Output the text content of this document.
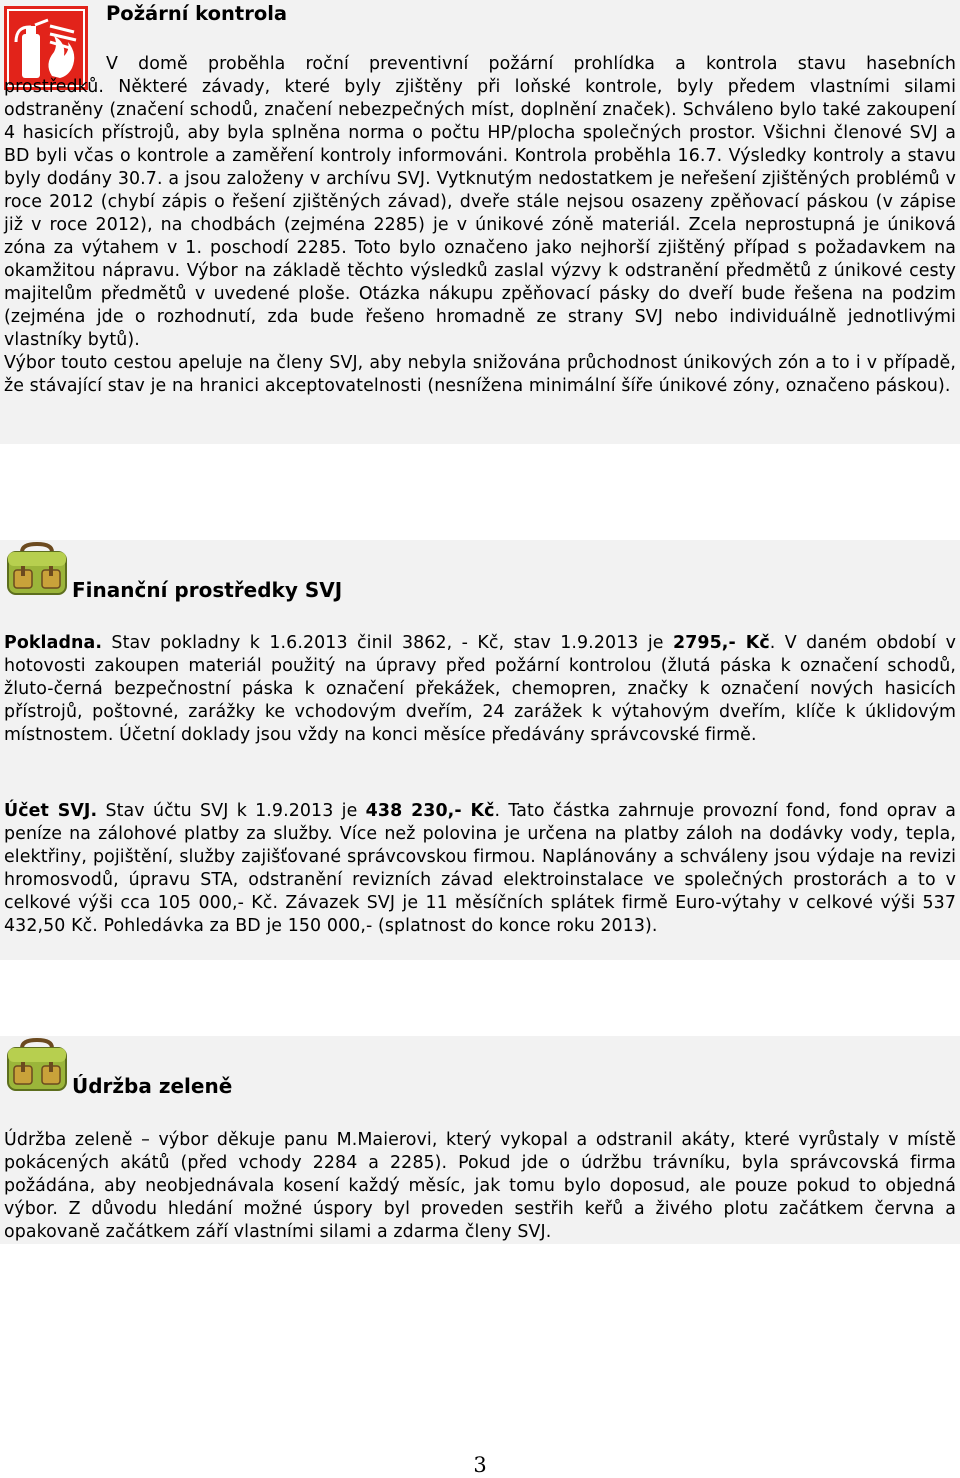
Požární kontrola

V domě proběhla roční preventivní požární prohlídka a kontrola stavu hasebních

prostředků. Některé závady, které byly zjištěny při loňské kontrole, byly předem vlastními silami odstraněny (značení schodů, značení nebezpečných míst, doplnění značek). Schváleno bylo také zakoupení 4 hasicích přístrojů, aby byla splněna norma o počtu HP/plocha společných prostor. Všichni členové SVJ a BD byli včas o kontrole a zaměření kontroly informováni. Kontrola proběhla 16.7. Výsledky kontroly a stavu byly dodány 30.7. a jsou založeny v archívu SVJ. Vytknutým nedostatkem je neřešení zjištěných problémů v roce 2012 (chybí zápis o řešení zjištěných závad), dveře stále nejsou osazeny zpěňovací páskou (v zápise již v roce 2012), na chodbách (zejména 2285) je v únikové zóně materiál. Zcela neprostupná je úniková zóna za výtahem v 1. poschodí 2285. Toto bylo označeno jako nejhorší zjištěný případ s požadavkem na okamžitou nápravu. Výbor na základě těchto výsledků zaslal výzvy k odstranění předmětů z únikové cesty majitelům předmětů v uvedené ploše. Otázka nákupu zpěňovací pásky do dveří bude řešena na podzim (zejména jde o rozhodnutí, zda bude řešeno hromadně ze strany SVJ nebo individuálně jednotlivými vlastníky bytů).
Výbor touto cestou apeluje na členy SVJ, aby nebyla snižována průchodnost únikových zón a to i v případě, že stávající stav je na hranici akceptovatelnosti (nesnížena minimální šíře únikové zóny, označeno páskou).
Finanční prostředky SVJ

Pokladna. Stav pokladny k 1.6.2013 činil 3862, - Kč, stav 1.9.2013 je 2795,- Kč. V daném období v hotovosti zakoupen materiál použitý na úpravy před požární kontrolou (žlutá páska k označení schodů, žluto-černá bezpečnostní páska k označení překážek, chemopren, značky k označení nových hasicích přístrojů, poštovné, zarážky ke vchodovým dveřím, 24 zarážek k výtahovým dveřím, klíče k úklidovým místnostem. Účetní doklady jsou vždy na konci měsíce předávány správcovské firmě.

Účet SVJ. Stav účtu SVJ k 1.9.2013 je 438 230,- Kč. Tato částka zahrnuje provozní fond, fond oprav a peníze na zálohové platby za služby. Více než polovina je určena na platby záloh na dodávky vody, tepla, elektřiny, pojištění, služby zajišťované správcovskou firmou. Naplánovány a schváleny jsou výdaje na revizi hromosvodů, úpravu STA, odstranění revizních závad elektroinstalace ve společných prostorách a to v celkové výši cca 105 000,- Kč. Závazek SVJ je 11 měsíčních splátek firmě Euro-výtahy v celkové výši 537 432,50 Kč. Pohledávka za BD je 150 000,- (splatnost do konce roku 2013).

Údržba zeleně

Údržba zeleně – výbor děkuje panu M.Maierovi, který vykopal a odstranil akáty, které vyrůstaly v místě pokácených akátů (před vchody 2284 a 2285). Pokud jde o údržbu trávníku, byla správcovská firma požádána, aby neobjednávala kosení každý měsíc, jak tomu bylo doposud, ale pouze pokud to objedná výbor. Z důvodu hledání možné úspory byl proveden sestřih keřů a živého plotu začátkem června a opakovaně začátkem září vlastními silami a zdarma členy SVJ.

3
